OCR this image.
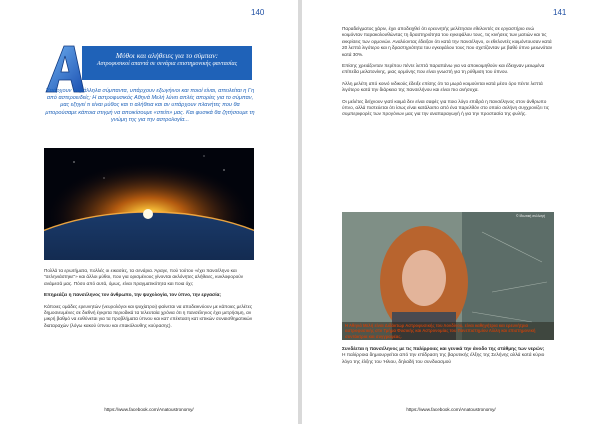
140
Μύθοι και αλήθειες για το σύμπαν:
Αστροφυσικοί απαντά σε σενάρια επιστημονικής φαντασίας
Υπάρχουν παράλληλα σύμπαντα, υπάρχουν εξωγήινοι και ποιοί είναι, απειλείται η Γη από αστεροειδείς; Η αστροφυσικός Αθηνά Μελή λύνει απλές απορίες για το σύμπαν, μας εξηγεί τι είναι μύθος και τι αλήθεια και αν υπάρχουν πλανήτες που θα μπορούσαμε κάποια στιγμή να αποικίσουμε «στείτι» μας. Και φυσικά θα ζητήσουμε τη γνώμη της για την αστρολογία...

Πολλά τα ερωτήματα, πολλές οι εικασίες, τα σενάρια. Άραγε, πού τούτου «έχει πανσέληνο και "σεληνιάστηκε"» και άλλοι μύθοι, που για ορισμένους γίνονται ακλόνητες αλήθειες, κυκλοφορούν ανάμεσά μας. Πόσο από αυτά, όμως, είναι πραγματικότητα και ποια όχι;

Επηρεάζει η πανσέληνος τον άνθρωπο, την ψυχολογία, τον ύπνο, την εργασία;

Κάποιες ομάδες ερευνητών (νευρολόγοι και ψυχίατροι) φαίνεται να αποδεικνύουν με κάποιες μελέτες δημοσιευμένες σε διεθνή έγκριτα περιοδικά τα τελευταία χρόνια ότι η πανσέληνος έχει μετρήσιμη, αν μικρή βαθμό να ευθύνεται για τα προβλήματα ύπνου και κατ' επέκταση κατ ιστικών συναισθηματικών διαταραχών (λόγω κακού ύπνου και επακόλουθης κούρασης).

https://www.facebook.com/Anatoustronomy/
141

Παραδείγματος χάριν, έχει αποδειχθεί ότι ερευνητής μελέτησαν εθελοντές σε εργαστήριο ενώ κοιμόνταν παρακολουθώντας τη δραστηριότητα του εγκεφάλου τους, τις κινήσεις των ματιών και τις εκκρίσεις των ορμονών. Αναλύοντας έδειξαν ότι κατά την πανσέληνο, οι εθελοντές κοιμόντουσαν κατά 20 λεπτά λιγότερο και η δραστηριότητα του εγκεφάλου τους που σχετίζονταν με βαθύ ύπνο μειωνόταν κατά 30%.

Επίσης χρειάζονταν περίπου πέντε λεπτά παραπάνω για να αποκοιμηθούν και έδειχναν μειωμένα επίπεδα μελατονίνης, μιας ορμόνης που είναι γνωστή για τη ρύθμιση του ύπνου.

Άλλη μελέτη από κοινό ινδικούς έδειξε επίσης ότι τα μωρά κοιμούνται κατά μέσο όρο πέντε λεπτά λιγότερο κατά την διάρκεια της πανσελήνου και είναι πιο ανήσυχα.

Οι μελέτες δείχνουν γιατί κοιμά δεν είναι σαφές για ποιο λόγο επιδρά η πανσέληνος στον άνθρωπο ύπνο, αλλά πιστεύεται ότι ίσως είναι κατάλοιπο από ένα παρελθόν στο οποίο σελήνη συγχρονίζει τις συμπεριφορές των προγόνων μας για την αναπαραγωγή ή για την προστασία της φυλής.

© Ιδιωτική συλλογή
Η Αθηνά Μελή είναι Διδάκτωρ Αστροφυσικής του Λονδίνου, είναι καθηγήτρια και ερευνήτρια αστροφυσικής στο Τμήμα Φυσικής και Αστρονομίας του Πανεπιστημίου Λίλλη και επιστημονική συντάκτρια και συγγραφέας.
Συνδέεται η πανσέληνος με τις παλίρροιες και γενικά την άνοδο της στάθμης των νερών;
Η παλίρροια δημιουργείται από την επίδραση της βαρυτικής έλξης της Σελήνης αλλά κατά κύριο λόγο της έλξης του Ήλιου, δηλαδή του συνδυασμού
https://www.facebook.com/Anatoustronomy/
